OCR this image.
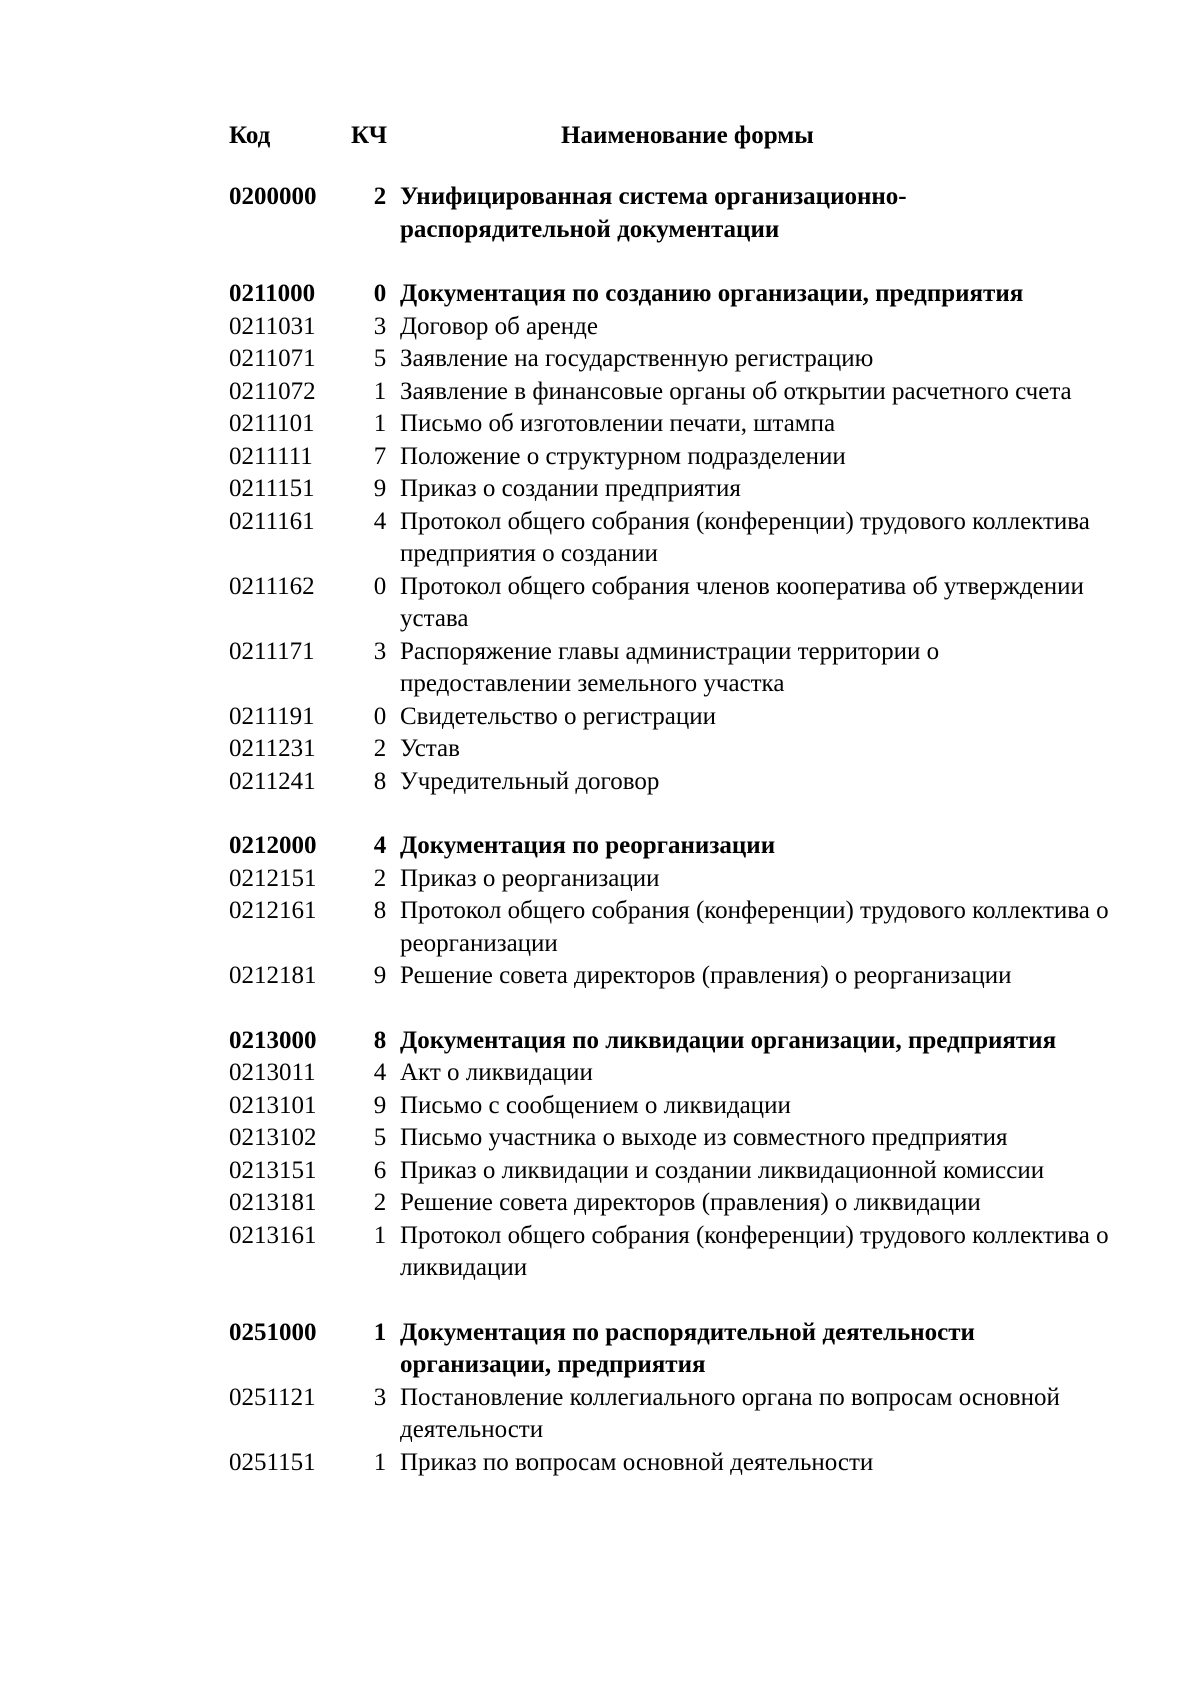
Код	КЧ	Наименование формы
0200000	2 Унифицированная система организационно-распорядительной документации
0211000	0 Документация по созданию организации, предприятия
0211031	3 Договор об аренде
0211071	5 Заявление на государственную регистрацию
0211072	1 Заявление в финансовые органы об открытии расчетного счета
0211101	1 Письмо об изготовлении печати, штампа
0211111	7 Положение о структурном подразделении
0211151	9 Приказ о создании предприятия
0211161	4 Протокол общего собрания (конференции) трудового коллектива предприятия о создании
0211162	0 Протокол общего собрания членов кооператива об утверждении устава
0211171	3 Распоряжение главы администрации территории о предоставлении земельного участка
0211191	0 Свидетельство о регистрации
0211231	2 Устав
0211241	8 Учредительный договор
0212000	4 Документация по реорганизации
0212151	2 Приказ о реорганизации
0212161	8 Протокол общего собрания (конференции) трудового коллектива о реорганизации
0212181	9 Решение совета директоров (правления) о реорганизации
0213000	8 Документация по ликвидации организации, предприятия
0213011	4 Акт о ликвидации
0213101	9 Письмо с сообщением о ликвидации
0213102	5 Письмо участника о выходе из совместного предприятия
0213151	6 Приказ о ликвидации и создании ликвидационной комиссии
0213181	2 Решение совета директоров (правления) о ликвидации
0213161	1 Протокол общего собрания (конференции) трудового коллектива о ликвидации
0251000	1 Документация по распорядительной деятельности организации, предприятия
0251121	3 Постановление коллегиального органа по вопросам основной деятельности
0251151	1 Приказ по вопросам основной деятельности
